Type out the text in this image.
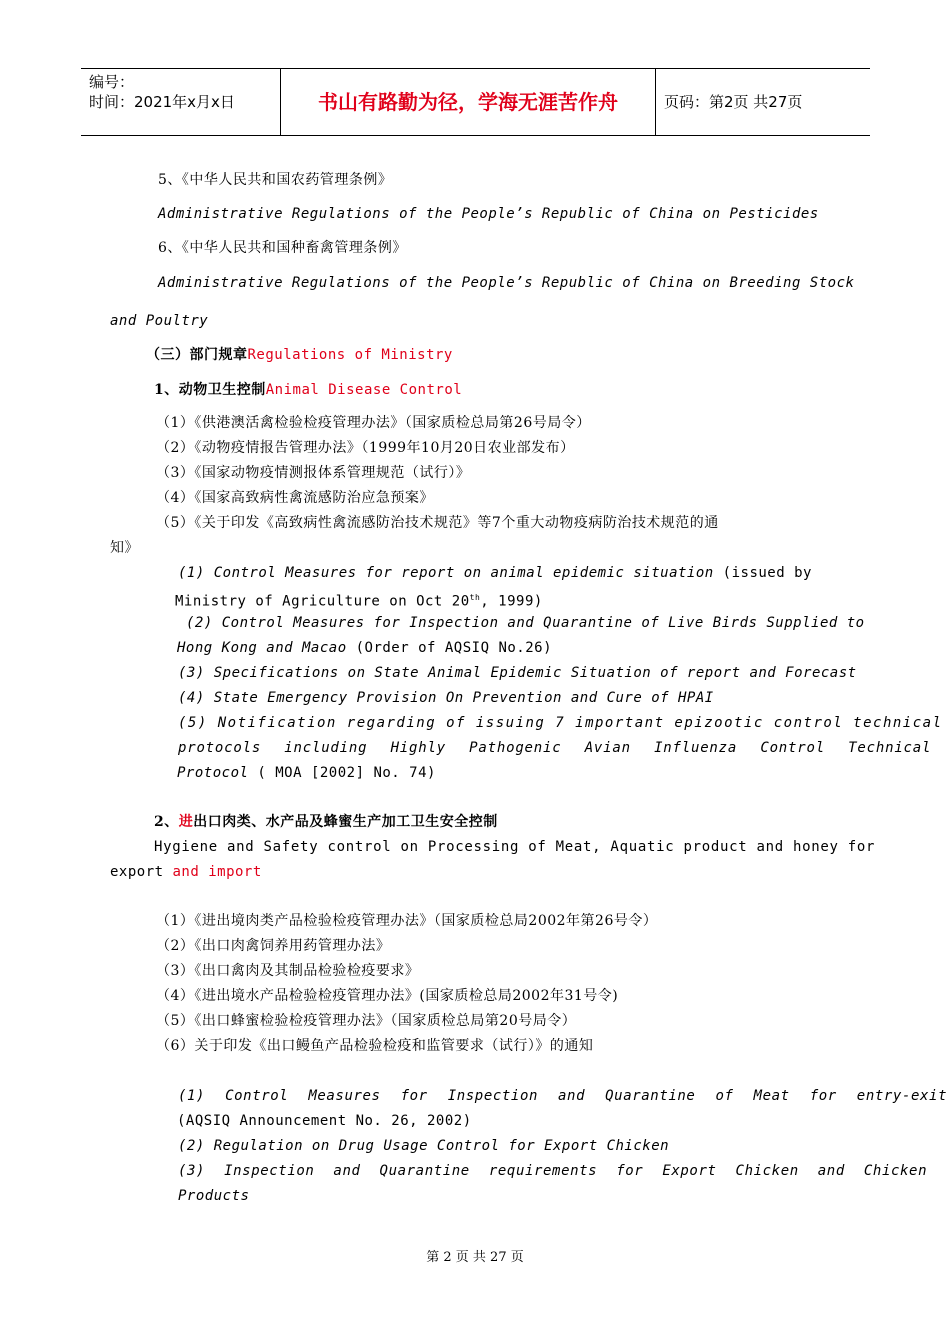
编号：
时间：2021年x月x日	书山有路勤为径，学海无涯苦作舟	页码：第2页 共27页
5、《中华人民共和国农药管理条例》
Administrative Regulations of the People’s Republic of China on Pesticides
6、《中华人民共和国种畜禽管理条例》
Administrative Regulations of the People’s Republic of China on Breeding Stock
and Poultry
（三）部门规章Regulations of Ministry
1、动物卫生控制Animal Disease Control
（1）《供港澳活禽检验检疫管理办法》（国家质检总局第26号局令）
（2）《动物疫情报告管理办法》（1999年10月20日农业部发布）
（3）《国家动物疫情测报体系管理规范（试行）》
（4）《国家高致病性禽流感防治应急预案》
（5）《关于印发《高致病性禽流感防治技术规范》等7个重大动物疫病防治技术规范的通
知》
(1) Control Measures for report on animal epidemic situation (issued by
Ministry of Agriculture on Oct 20th, 1999)
(2) Control Measures for Inspection and Quarantine of Live Birds Supplied to
Hong Kong and Macao (Order of AQSIQ No.26)
(3) Specifications on State Animal Epidemic Situation of report and Forecast
(4) State Emergency Provision On Prevention and Cure of HPAI
(5) Notification regarding of issuing 7 important epizootic control technical
protocols including Highly Pathogenic Avian Influenza Control Technical
Protocol ( MOA [2002] No. 74)
2、进出口肉类、水产品及蜂蜜生产加工卫生安全控制
Hygiene and Safety control on Processing of Meat, Aquatic product and honey for
export and import
（1）《进出境肉类产品检验检疫管理办法》（国家质检总局2002年第26号令）
（2）《出口肉禽饲养用药管理办法》
（3）《出口禽肉及其制品检验检疫要求》
（4）《进出境水产品检验检疫管理办法》(国家质检总局2002年31号令)
（5）《出口蜂蜜检验检疫管理办法》（国家质检总局第20号局令）
（6）关于印发《出口鳗鱼产品检验检疫和监管要求（试行）》的通知
(1) Control Measures for Inspection and Quarantine of Meat for entry-exit
(AQSIQ Announcement No. 26, 2002)
(2) Regulation on Drug Usage Control for Export Chicken
(3) Inspection and Quarantine requirements for Export Chicken and Chicken
Products
第 2 页 共 27 页
